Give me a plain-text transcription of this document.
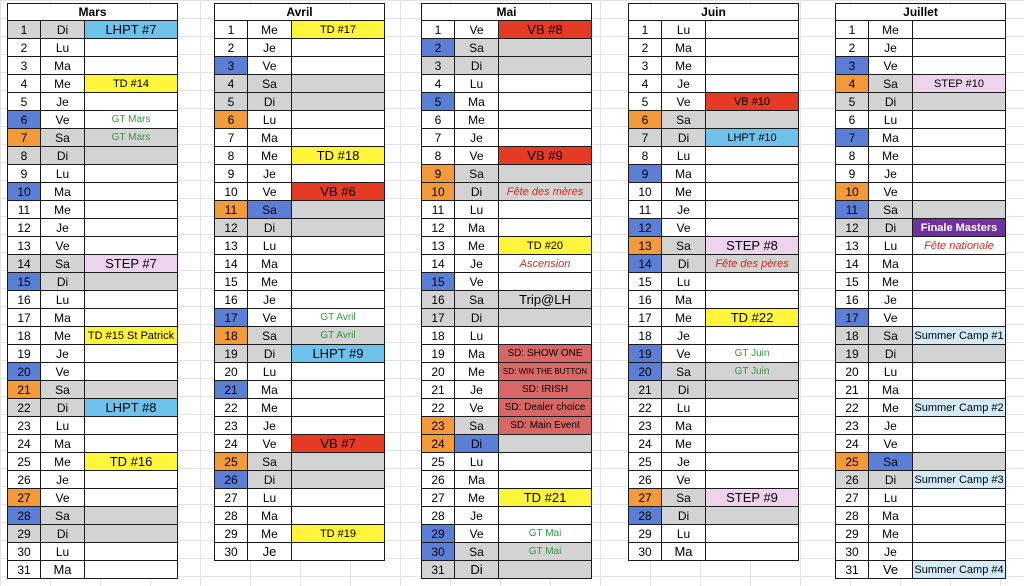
Mars		
1	Di	LHPT #7
2	Lu	
3	Ma	
4	Me	TD #14
5	Je	
6	Ve	GT Mars
7	Sa	GT Mars
8	Di	
9	Lu	
10	Ma	
11	Me	
12	Je	
13	Ve	
14	Sa	STEP #7
15	Di	
16	Lu	
17	Ma	
18	Me	TD #15 St Patrick
19	Je	
20	Ve	
21	Sa	
22	Di	LHPT #8
23	Lu	
24	Ma	
25	Me	TD #16
26	Je	
27	Ve	
28	Sa	
29	Di	
30	Lu	
31	Ma	
Avril		
1	Me	TD #17
2	Je	
3	Ve	
4	Sa	
5	Di	
6	Lu	
7	Ma	
8	Me	TD #18
9	Je	
10	Ve	VB #6
11	Sa	
12	Di	
13	Lu	
14	Ma	
15	Me	
16	Je	
17	Ve	GT Avril
18	Sa	GT Avril
19	Di	LHPT #9
20	Lu	
21	Ma	
22	Me	
23	Je	
24	Ve	VB #7
25	Sa	
26	Di	
27	Lu	
28	Ma	
29	Me	TD #19
30	Je	
Mai		
1	Ve	VB #8
2	Sa	
3	Di	
4	Lu	
5	Ma	
6	Me	
7	Je	
8	Ve	VB #9
9	Sa	
10	Di	Fête des mères
11	Lu	
12	Ma	
13	Me	TD #20
14	Je	Ascension
15	Ve	
16	Sa	Trip@LH
17	Di	
18	Lu	
19	Ma	SD: SHOW ONE
20	Me	SD: WIN THE BUTTON
21	Je	SD: IRISH
22	Ve	SD: Dealer choice
23	Sa	SD: Main Event
24	Di	
25	Lu	
26	Ma	
27	Me	TD #21
28	Je	
29	Ve	GT Mai
30	Sa	GT Mai
31	Di	
Juin		
1	Lu	
2	Ma	
3	Me	
4	Je	
5	Ve	VB #10
6	Sa	
7	Di	LHPT #10
8	Lu	
9	Ma	
10	Me	
11	Je	
12	Ve	
13	Sa	STEP #8
14	Di	Fête des pères
15	Lu	
16	Ma	
17	Me	TD #22
18	Je	
19	Ve	GT Juin
20	Sa	GT Juin
21	Di	
22	Lu	
23	Ma	
24	Me	
25	Je	
26	Ve	
27	Sa	STEP #9
28	Di	
29	Lu	
30	Ma	
Juillet		
1	Me	
2	Je	
3	Ve	
4	Sa	STEP #10
5	Di	
6	Lu	
7	Ma	
8	Me	
9	Je	
10	Ve	
11	Sa	
12	Di	Finale Masters
13	Lu	Fête nationale
14	Ma	
15	Me	
16	Je	
17	Ve	
18	Sa	Summer Camp #1
19	Di	
20	Lu	
21	Ma	
22	Me	Summer Camp #2
23	Je	
24	Ve	
25	Sa	
26	Di	Summer Camp #3
27	Lu	
28	Ma	
29	Me	
30	Je	
31	Ve	Summer Camp #4
